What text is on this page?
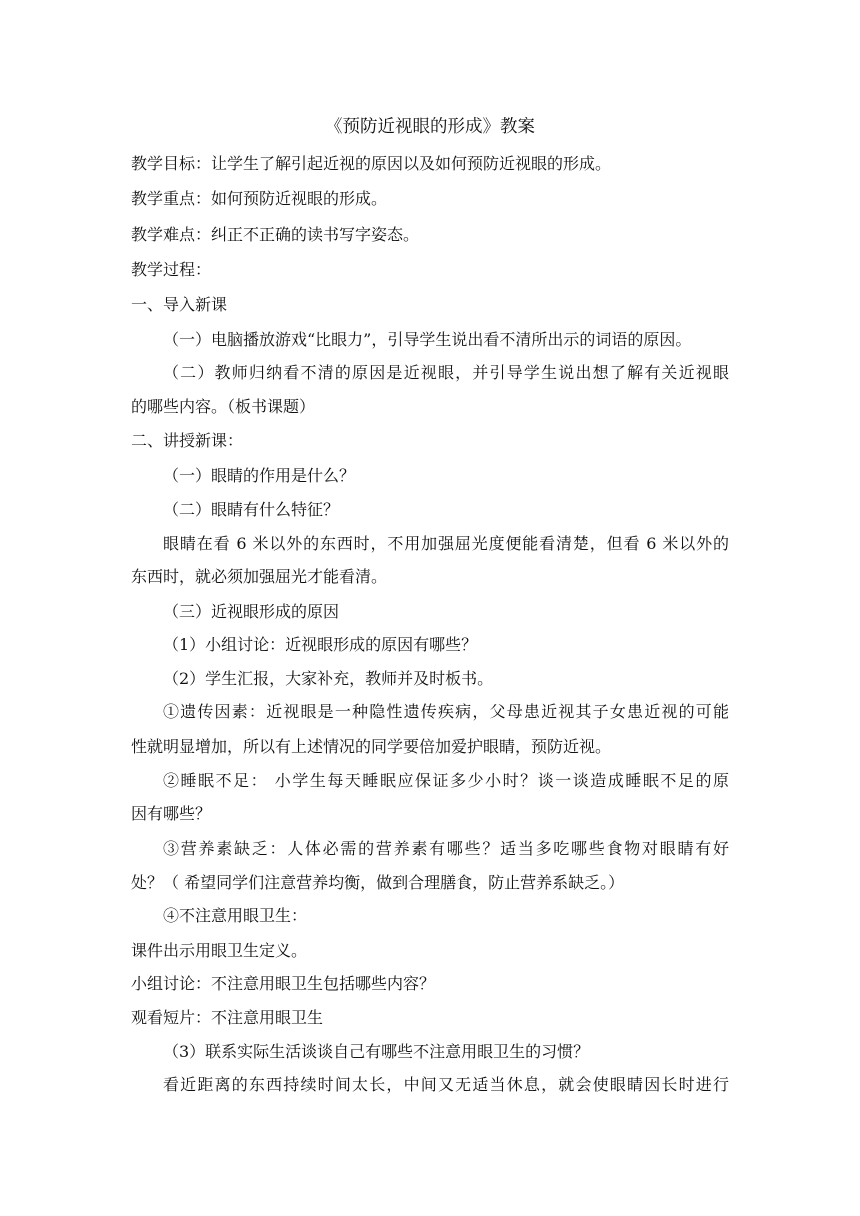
《预防近视眼的形成》教案
教学目标：让学生了解引起近视的原因以及如何预防近视眼的形成。
教学重点：如何预防近视眼的形成。
教学难点：纠正不正确的读书写字姿态。
教学过程：
一、导入新课
（一）电脑播放游戏“比眼力”，引导学生说出看不清所出示的词语的原因。
（二）教师归纳看不清的原因是近视眼，并引导学生说出想了解有关近视眼
的哪些内容。（板书课题）
二、讲授新课：
（一）眼睛的作用是什么？
（二）眼睛有什么特征？
眼睛在看 6 米以外的东西时，不用加强屈光度便能看清楚，但看 6 米以外的
东西时，就必须加强屈光才能看清。
（三）近视眼形成的原因
（1）小组讨论：近视眼形成的原因有哪些？
（2）学生汇报，大家补充，教师并及时板书。
①遗传因素：近视眼是一种隐性遗传疾病，父母患近视其子女患近视的可能
性就明显增加，所以有上述情况的同学要倍加爱护眼睛，预防近视。
②睡眠不足： 小学生每天睡眠应保证多少小时？谈一谈造成睡眠不足的原
因有哪些？
③营养素缺乏：人体必需的营养素有哪些？适当多吃哪些食物对眼睛有好
处？（ 希望同学们注意营养均衡，做到合理膳食，防止营养系缺乏。）
④不注意用眼卫生：
课件出示用眼卫生定义。
小组讨论：不注意用眼卫生包括哪些内容？
观看短片：不注意用眼卫生
（3）联系实际生活谈谈自己有哪些不注意用眼卫生的习惯？
看近距离的东西持续时间太长，中间又无适当休息，就会使眼睛因长时进行
